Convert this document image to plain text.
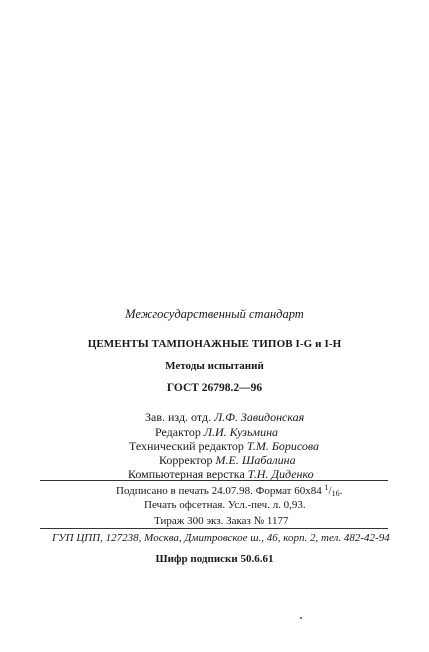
Межгосударственный стандарт
ЦЕМЕНТЫ ТАМПОНАЖНЫЕ ТИПОВ I-G и I-H
Методы испытаний
ГОСТ 26798.2—96
Зав. изд. отд. Л.Ф. Завидонская
Редактор Л.И. Кузьмина
Технический редактор Т.М. Борисова
Корректор М.Е. Шабалина
Компьютерная верстка Т.Н. Диденко
Подписано в печать 24.07.98. Формат 60x84 $^1$/16.
Печать офсетная. Усл.-печ. л. 0,93.
Тираж 300 экз. Заказ № 1177
ГУП ЦПП, 127238, Москва, Дмитровское ш., 46, корп. 2, тел. 482-42-94
Шифр подписки 50.6.61
